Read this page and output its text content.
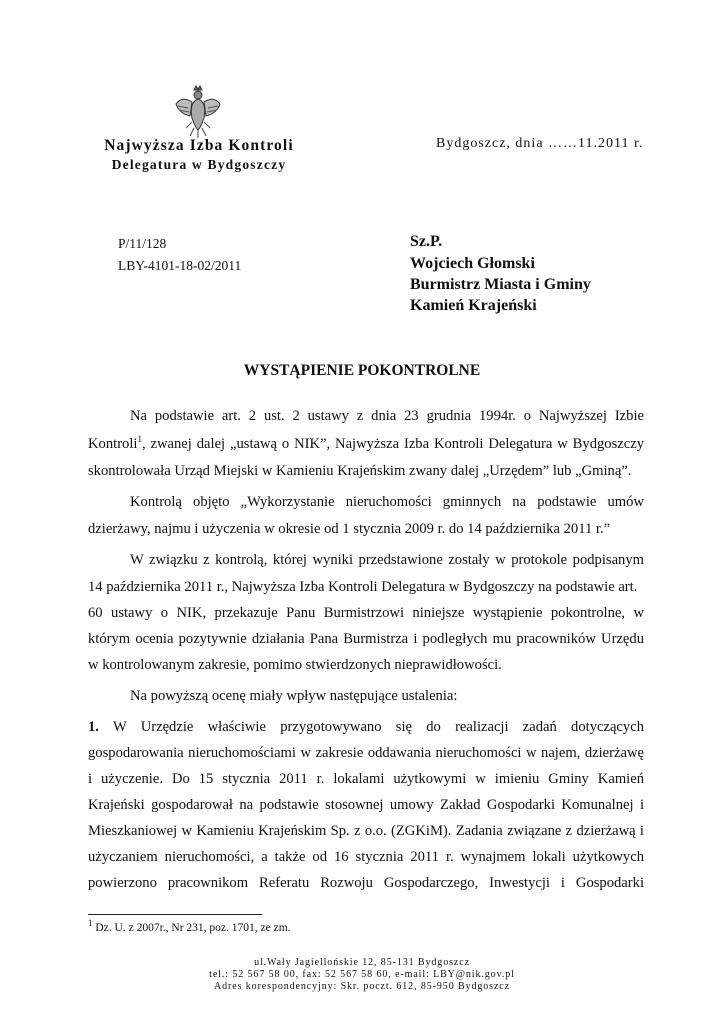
Najwyższa Izba Kontroli
Delegatura w Bydgoszczy
Bydgoszcz, dnia ……11.2011 r.
P/11/128
LBY-4101-18-02/2011
Sz.P.
Wojciech Głomski
Burmistrz Miasta i Gminy
Kamień Krajeński
WYSTĄPIENIE POKONTROLNE
Na podstawie art. 2 ust. 2 ustawy z dnia 23 grudnia 1994r. o Najwyższej Izbie
Kontroli$^1$, zwanej dalej „ustawą o NIK”, Najwyższa Izba Kontroli Delegatura w Bydgoszczy
skontrolowała Urząd Miejski w Kamieniu Krajeńskim zwany dalej „Urzędem” lub „Gminą”.
Kontrolą objęto „Wykorzystanie nieruchomości gminnych na podstawie umów
dzierżawy, najmu i użyczenia w okresie od 1 stycznia 2009 r. do 14 października 2011 r.”
W związku z kontrolą, której wyniki przedstawione zostały w protokole podpisanym
14 października 2011 r., Najwyższa Izba Kontroli Delegatura w Bydgoszczy na podstawie art.
60 ustawy o NIK, przekazuje Panu Burmistrzowi niniejsze wystąpienie pokontrolne, w
którym ocenia pozytywnie działania Pana Burmistrza i podległych mu pracowników Urzędu
w kontrolowanym zakresie, pomimo stwierdzonych nieprawidłowości.
Na powyższą ocenę miały wpływ następujące ustalenia:
1. W Urzędzie właściwie przygotowywano się do realizacji zadań dotyczących
gospodarowania nieruchomościami w zakresie oddawania nieruchomości w najem, dzierżawę
i użyczenie. Do 15 stycznia 2011 r. lokalami użytkowymi w imieniu Gminy Kamień
Krajeński gospodarował na podstawie stosownej umowy Zakład Gospodarki Komunalnej i
Mieszkaniowej w Kamieniu Krajeńskim Sp. z o.o. (ZGKiM). Zadania związane z dzierżawą i
użyczaniem nieruchomości, a także od 16 stycznia 2011 r. wynajmem lokali użytkowych
powierzono pracownikom Referatu Rozwoju Gospodarczego, Inwestycji i Gospodarki
$^1$ Dz. U. z 2007r., Nr 231, poz. 1701, ze zm.
ul.Wały Jagiellońskie 12, 85-131 Bydgoszcz
tel.: 52 567 58 00, fax: 52 567 58 60, e-mail: LBY@nik.gov.pl
Adres korespondencyjny: Skr. poczt. 612, 85-950 Bydgoszcz
